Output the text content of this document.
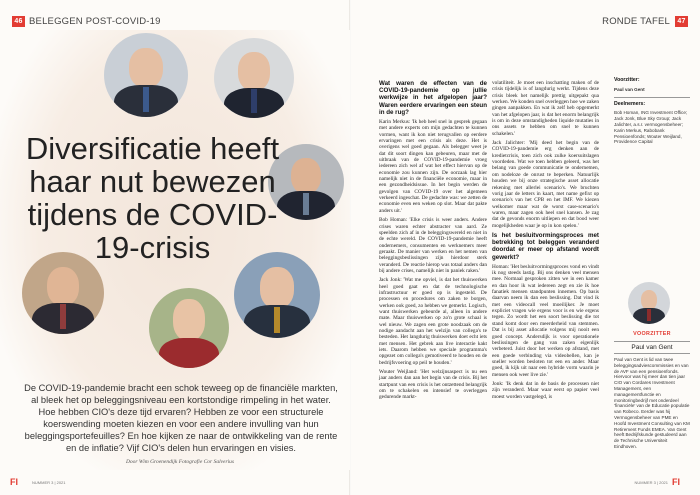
46 BELEGGEN POST-COVID-19
Diversificatie heeft haar nut bewezen tijdens de COVID-19-crisis

De COVID-19-pandemie bracht een schok teweeg op de financiële markten, al bleek het op beleggingsniveau een kortstondige rimpeling in het water. Hoe hebben CIO's deze tijd ervaren? Hebben ze voor een structurele koerswending moeten kiezen en voor een andere invulling van hun beleggingsportefeuilles? En hoe kijken ze naar de ontwikkeling van de rente en de inflatie? Vijf CIO's delen hun ervaringen en visies.

Door Wim Groenendijk Fotografie Cor Salverius

FI	NUMMER 3 | 2021
RONDE TAFEL	47
Wat waren de effecten van de COVID-19-pandemie op jullie werkwijze in het afgelopen jaar? Waren eerdere ervaringen een steun in de rug?

Karin Merkus: 'Ik heb heel snel in gesprek gegaan met andere experts om mijn gedachten te kunnen vormen, want ik kon niet terugvallen op eerdere ervaringen met een crisis als deze. Het is overigens wel goed gegaan. Als belegger weet je dat dit soort dingen kan gebeuren, maar met de uitbraak van de COVID-19-pandemie vroeg iedereen zich wel af wat het effect hiervan op de economie zou kunnen zijn. De oorzaak lag hier namelijk niet in de financiële economie, maar in een gezondheidsissue. In het begin werden de gevolgen van COVID-19 over het algemeen verkeerd ingeschat. De gedachte was: we zetten de economie even een weken op slot. Maar dat pakte anders uit.'

Bob Homan: 'Elke crisis is weer anders. Andere crises waren echter abstracter van aard. Ze speelden zich af in de beleggingswereld en niet in de echte wereld. De COVID-19-pandemie heeft ondernemers, consumenten en werknemers meer geraakt. De manier van werken en het nemen van beleggingsbeslissingen zijn hierdoor sterk veranderd. De reactie hierop was totaal anders dan bij andere crises, namelijk niet in paniek raken.'

Jack Jonk: 'Wat me opviel, is dat het thuiswerken heel goed gaat en dat de technologische infrastructuur er goed op is ingesteld. De processen en procedures om zaken te borgen, werken ook goed, zo hebben we gemerkt. Logisch, want thuiswerken gebeurde al, alleen in andere mate. Maar thuiswerken op zo'n grote schaal is wel nieuw. We zagen een grote noodzaak om de nodige aandacht aan het welzijn van collega's te besteden. Het langdurig thuiswerken doet echt iets met mensen. Het gebrek aan live interactie kakt iets. Daarom hebben we speciale programma's opgezet om collega's gemotiveerd te houden en de bedrijfsvoering op peil te houden.'

Wouter Weijland: 'Het welzijnsaspect is nu een jaar anders dan aan het begin van de crisis. Bij het startpunt van een crisis is het ontzettend belangrijk om te schakelen en intensief te overleggen gedurende markt-

volatiliteit. Je moet een inschatting maken of de crisis tijdelijk is of langdurig werkt. Tijdens deze crisis bleek het namelijk prettig uitgepakt qua werken. We konden snel overleggen hoe we zaken gingen aanpakken. En wat ik zelf heb opgemerkt van het afgelopen jaar, is dat het enorm belangrijk is om in deze omstandigheden liquide mutaties in ons assets te hebben om snel te kunnen schakelen.'

Jack Jalichter: 'Mij deed het begin van de COVID-19-pandemie erg denken aan de kredietcrisis, toen zich ook zulke koersuitslagen voordeden. Wat we toen hebben geleerd, was het belang van goede communicatie te ondernemen, om nodeloze de onrust te beperken. Natuurlijk houden we bij onze strategische asset allocatie rekening met allerlei scenario's. We bruchten vorig jaar de letters in kaart, met name gefixt op scenario's van het CPB en het IMF. We kiezen welkomer maar wat de worst case-scenario's waren, maar zagen ook heel snel kansen. Je zag dat de gevonds enorm uitliepen en dat bood weer mogelijkheden waar je op in kon spelen.'

Is het besluitvormingsproces met betrekking tot beleggen veranderd doordat er meer op afstand wordt gewerkt?

Homan: 'Het besluitvormingsproces vond en vindt ik nog steeds lastig. Bij ons denken veel mensen mee. Normaal gesproken zitten we in een kamer en dan hoor ik wat iedereen zegt en zie ik hoe fanatiek mensen standpunten innemen. Op basis daarvan neem ik dan een beslissing. Dat vind ik met een videocall veel moeilijker. Je moet expliciet vragen wie ergens voor is en wie ergens tegen. Zo wordt het een soort beslissing die tot stand komt door een meerderheid van stemmen. Dat is bij asset allocatie volgens mij nooit een goed concept. Andersdijk is voor operationele beslissingen de gang van zaken eigenlijk verbeterd. Juist door het werken op afstand, met een goede verbinding via videobellen, kan je sneller worden besloten tot een en ander. Maar goed, ik kijk uit naar een hybride vorm waarin je mensen ook weer live zie.'

Jonk: 'Ik denk dat in de basis de processen niet zijn veranderd. Maar waar eerst op papier veel moest worden vastgelegd, is

Voorzitter:
Paul van Gent
Deelnemers:
Bob Homan, ING Investment Office; Jack Jonk, Blue Sky Group; Jack Jalichter, a.s.r. vermogensbeheer; Karin Merkus, Rabobank Pensioenfonds; Wouter Weijland, Providence Capital
VOORZITTER
Paul van Gent
Paul van Gent is lid van twee beleggingsadviescommissies en van de AVF van een pensioenfonds. Hiervoor was hij meer dan tien jaar CIO van Cordares Investment Management, een managementfunctie en monitoringbedrijf met onderdeel ‘financiële’ van de Educatie populatie van Robeco. Eerder was hij Vermogensbeheer van PME en Hoofd Investment Consulting van KM Retirement Funds EMEA. Van Gent heeft Bedrijfskunde gestudeerd aan de Technische Universiteit Eindhoven.
NUMMER 3 | 2021 FI
